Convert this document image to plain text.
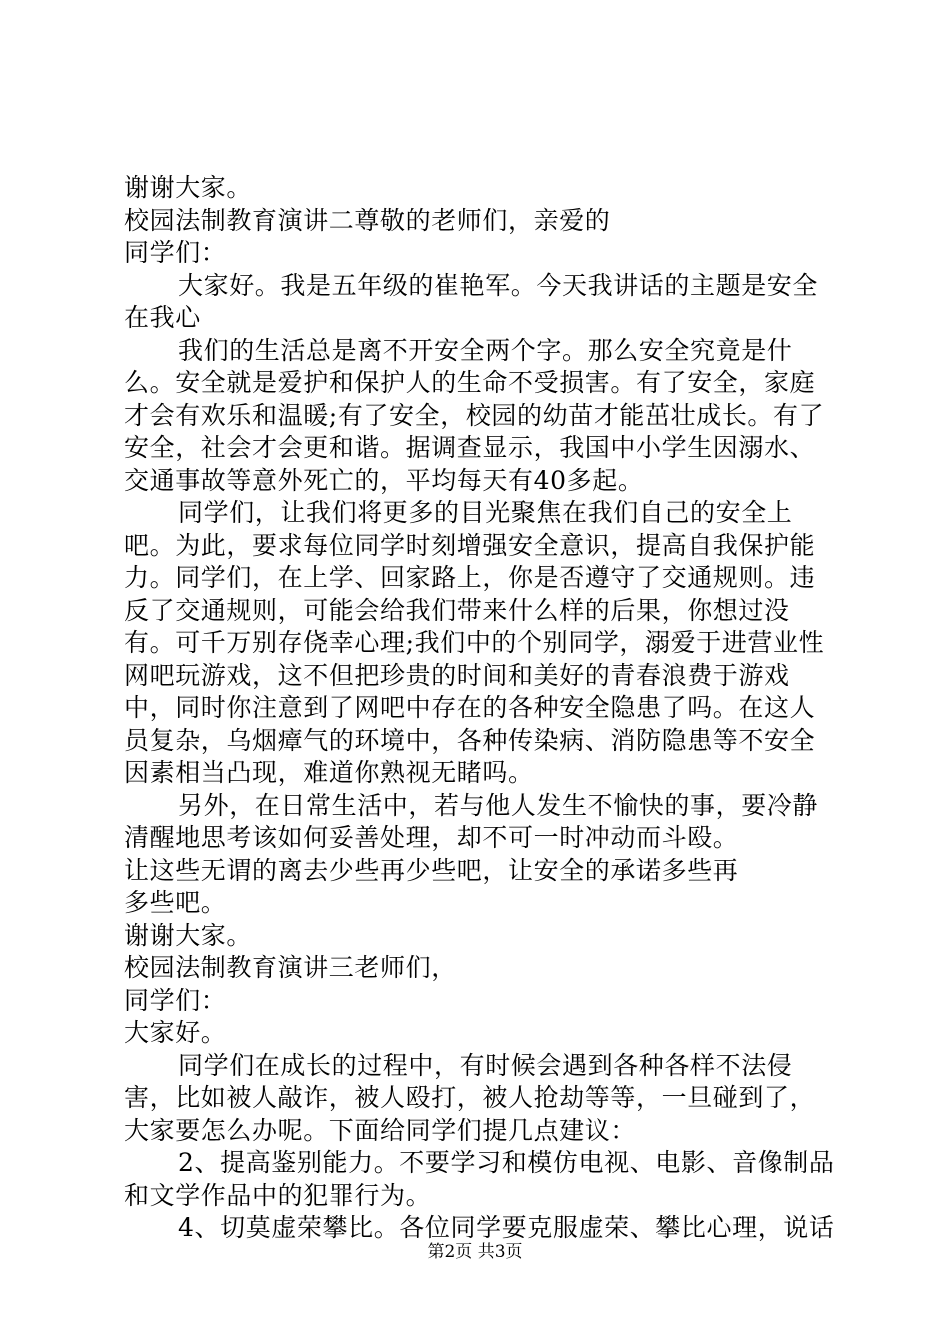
谢谢大家。

校园法制教育演讲二尊敬的老师们，亲爱的

同学们：

大家好。我是五年级的崔艳军。今天我讲话的主题是安全在我心

我们的生活总是离不开安全两个字。那么安全究竟是什么。安全就是爱护和保护人的生命不受损害。有了安全，家庭才会有欢乐和温暖;有了安全，校园的幼苗才能茁壮成长。有了安全，社会才会更和谐。据调查显示，我国中小学生因溺水、交通事故等意外死亡的，平均每天有40多起。

同学们，让我们将更多的目光聚焦在我们自己的安全上吧。为此，要求每位同学时刻增强安全意识，提高自我保护能力。同学们，在上学、回家路上，你是否遵守了交通规则。违反了交通规则，可能会给我们带来什么样的后果，你想过没有。可千万别存侥幸心理;我们中的个别同学，溺爱于进营业性网吧玩游戏，这不但把珍贵的时间和美好的青春浪费于游戏中，同时你注意到了网吧中存在的各种安全隐患了吗。在这人员复杂，乌烟瘴气的环境中，各种传染病、消防隐患等不安全因素相当凸现，难道你熟视无睹吗。

另外，在日常生活中，若与他人发生不愉快的事，要冷静清醒地思考该如何妥善处理，却不可一时冲动而斗殴。

让这些无谓的离去少些再少些吧，让安全的承诺多些再

多些吧。

谢谢大家。

校园法制教育演讲三老师们，

同学们：

大家好。

同学们在成长的过程中，有时候会遇到各种各样不法侵害，比如被人敲诈，被人殴打，被人抢劫等等，一旦碰到了，大家要怎么办呢。下面给同学们提几点建议：

2、提高鉴别能力。不要学习和模仿电视、电影、音像制品和文学作品中的犯罪行为。

4、切莫虚荣攀比。各位同学要克服虚荣、攀比心理，说话

第2页 共3页
